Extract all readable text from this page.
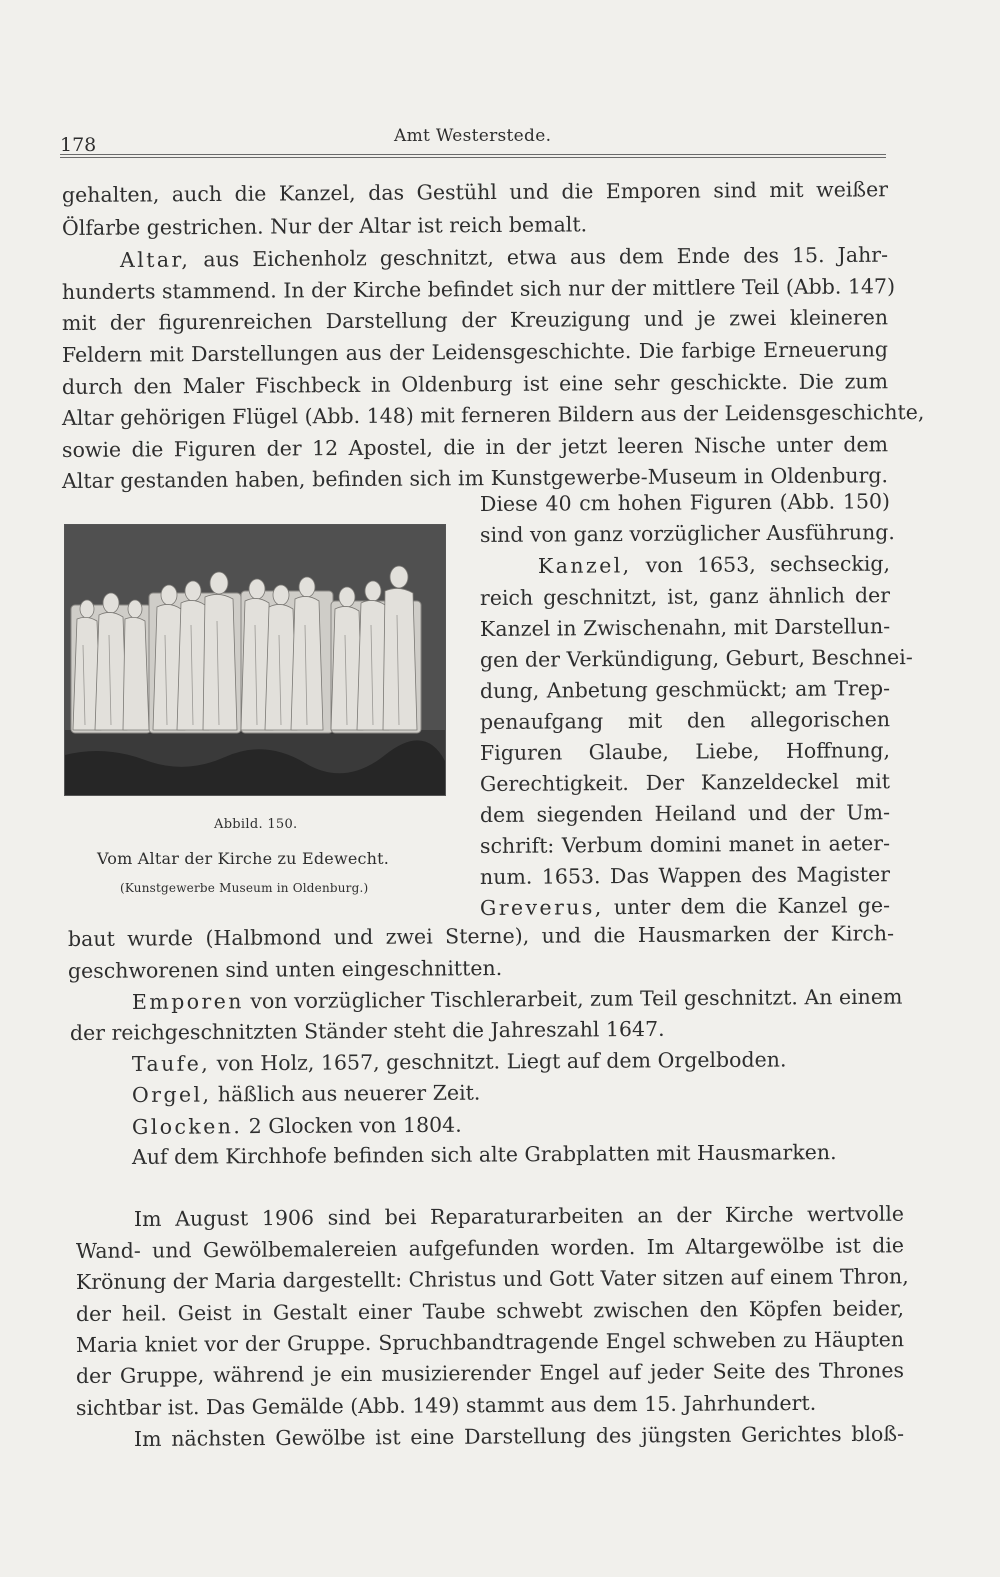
178	Amt Westerstede.
gehalten, auch die Kanzel, das Gestühl und die Emporen sind mit weißer
Ölfarbe gestrichen. Nur der Altar ist reich bemalt.
Altar, aus Eichenholz geschnitzt, etwa aus dem Ende des 15. Jahr-
hunderts stammend. In der Kirche befindet sich nur der mittlere Teil (Abb. 147)
mit der figurenreichen Darstellung der Kreuzigung und je zwei kleineren
Feldern mit Darstellungen aus der Leidensgeschichte. Die farbige Erneuerung
durch den Maler Fischbeck in Oldenburg ist eine sehr geschickte. Die zum
Altar gehörigen Flügel (Abb. 148) mit ferneren Bildern aus der Leidensgeschichte,
sowie die Figuren der 12 Apostel, die in der jetzt leeren Nische unter dem
Altar gestanden haben, befinden sich im Kunstgewerbe-Museum in Oldenburg.
Diese 40 cm hohen Figuren (Abb. 150)
sind von ganz vorzüglicher Ausführung.
Kanzel, von 1653, sechseckig,
reich geschnitzt, ist, ganz ähnlich der
Kanzel in Zwischenahn, mit Darstellun-
gen der Verkündigung, Geburt, Beschnei-
dung, Anbetung geschmückt; am Trep-
penaufgang mit den allegorischen
Figuren Glaube, Liebe, Hoffnung,
Gerechtigkeit. Der Kanzeldeckel mit
dem siegenden Heiland und der Um-
schrift: Verbum domini manet in aeter-
num. 1653. Das Wappen des Magister
Greverus, unter dem die Kanzel ge-
Abbild. 150.
Vom Altar der Kirche zu Edewecht.
(Kunstgewerbe Museum in Oldenburg.)
baut wurde (Halbmond und zwei Sterne), und die Hausmarken der Kirch-
geschworenen sind unten eingeschnitten.
Emporen von vorzüglicher Tischlerarbeit, zum Teil geschnitzt. An einem
der reichgeschnitzten Ständer steht die Jahreszahl 1647.
Taufe, von Holz, 1657, geschnitzt. Liegt auf dem Orgelboden.
Orgel, häßlich aus neuerer Zeit.
Glocken. 2 Glocken von 1804.
Auf dem Kirchhofe befinden sich alte Grabplatten mit Hausmarken.
Im August 1906 sind bei Reparaturarbeiten an der Kirche wertvolle
Wand- und Gewölbemalereien aufgefunden worden. Im Altargewölbe ist die
Krönung der Maria dargestellt: Christus und Gott Vater sitzen auf einem Thron,
der heil. Geist in Gestalt einer Taube schwebt zwischen den Köpfen beider,
Maria kniet vor der Gruppe. Spruchbandtragende Engel schweben zu Häupten
der Gruppe, während je ein musizierender Engel auf jeder Seite des Thrones
sichtbar ist. Das Gemälde (Abb. 149) stammt aus dem 15. Jahrhundert.
Im nächsten Gewölbe ist eine Darstellung des jüngsten Gerichtes bloß-
